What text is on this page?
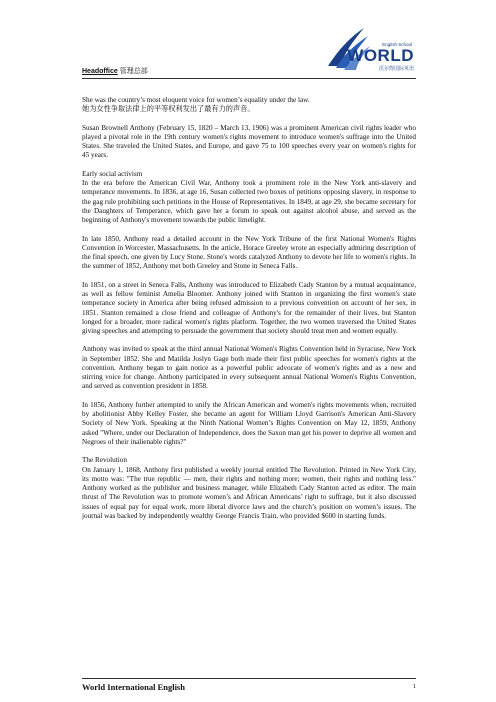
Headoffice 管理总部
English School
WORLD
沃尔得国际英语

She was the country’s most eloquent voice for women’s equality under the law.

她为女性争取法律上的平等权利发出了最有力的声音。

Susan Brownell Anthony (February 15, 1820 – March 13, 1906) was a prominent American civil rights leader who played a pivotal role in the 19th century women's rights movement to introduce women's suffrage into the United States. She traveled the United States, and Europe, and gave 75 to 100 speeches every year on women's rights for 45 years.

Early social activism

In the era before the American Civil War, Anthony took a prominent role in the New York anti-slavery and temperance movements. In 1836, at age 16, Susan collected two boxes of petitions opposing slavery, in response to the gag rule prohibiting such petitions in the House of Representatives. In 1849, at age 29, she became secretary for the Daughters of Temperance, which gave her a forum to speak out against alcohol abuse, and served as the beginning of Anthony's movement towards the public limelight.

In late 1850, Anthony read a detailed account in the New York Tribune of the first National Women's Rights Convention in Worcester, Massachusetts. In the article, Horace Greeley wrote an especially admiring description of the final speech, one given by Lucy Stone. Stone's words catalyzed Anthony to devote her life to women's rights. In the summer of 1852, Anthony met both Greeley and Stone in Seneca Falls.

In 1851, on a street in Seneca Falls, Anthony was introduced to Elizabeth Cady Stanton by a mutual acquaintance, as well as fellow feminist Amelia Bloomer. Anthony joined with Stanton in organizing the first women's state temperance society in America after being refused admission to a previous convention on account of her sex, in 1851. Stanton remained a close friend and colleague of Anthony's for the remainder of their lives, but Stanton longed for a broader, more radical women's rights platform. Together, the two women traversed the United States giving speeches and attempting to persuade the government that society should treat men and women equally.

Anthony was invited to speak at the third annual National Women's Rights Convention held in Syracuse, New York in September 1852. She and Matilda Joslyn Gage both made their first public speeches for women's rights at the convention. Anthony began to gain notice as a powerful public advocate of women's rights and as a new and stirring voice for change. Anthony participated in every subsequent annual National Women's Rights Convention, and served as convention president in 1858.

In 1856, Anthony further attempted to unify the African American and women's rights movements when, recruited by abolitionist Abby Kelley Foster, she became an agent for William Lloyd Garrison's American Anti-Slavery Society of New York. Speaking at the Ninth National Women’s Rights Convention on May 12, 1859, Anthony asked "Where, under our Declaration of Independence, does the Saxon man get his power to deprive all women and Negroes of their inalienable rights?"

The Revolution

On January 1, 1868, Anthony first published a weekly journal entitled The Revolution. Printed in New York City, its motto was: "The true republic — men, their rights and nothing more; women, their rights and nothing less." Anthony worked as the publisher and business manager, while Elizabeth Cady Stanton acted as editor. The main thrust of The Revolution was to promote women’s and African Americans’ right to suffrage, but it also discussed issues of equal pay for equal work, more liberal divorce laws and the church’s position on women’s issues. The journal was backed by independently wealthy George Francis Train, who provided $600 in starting funds.

World International English	1
